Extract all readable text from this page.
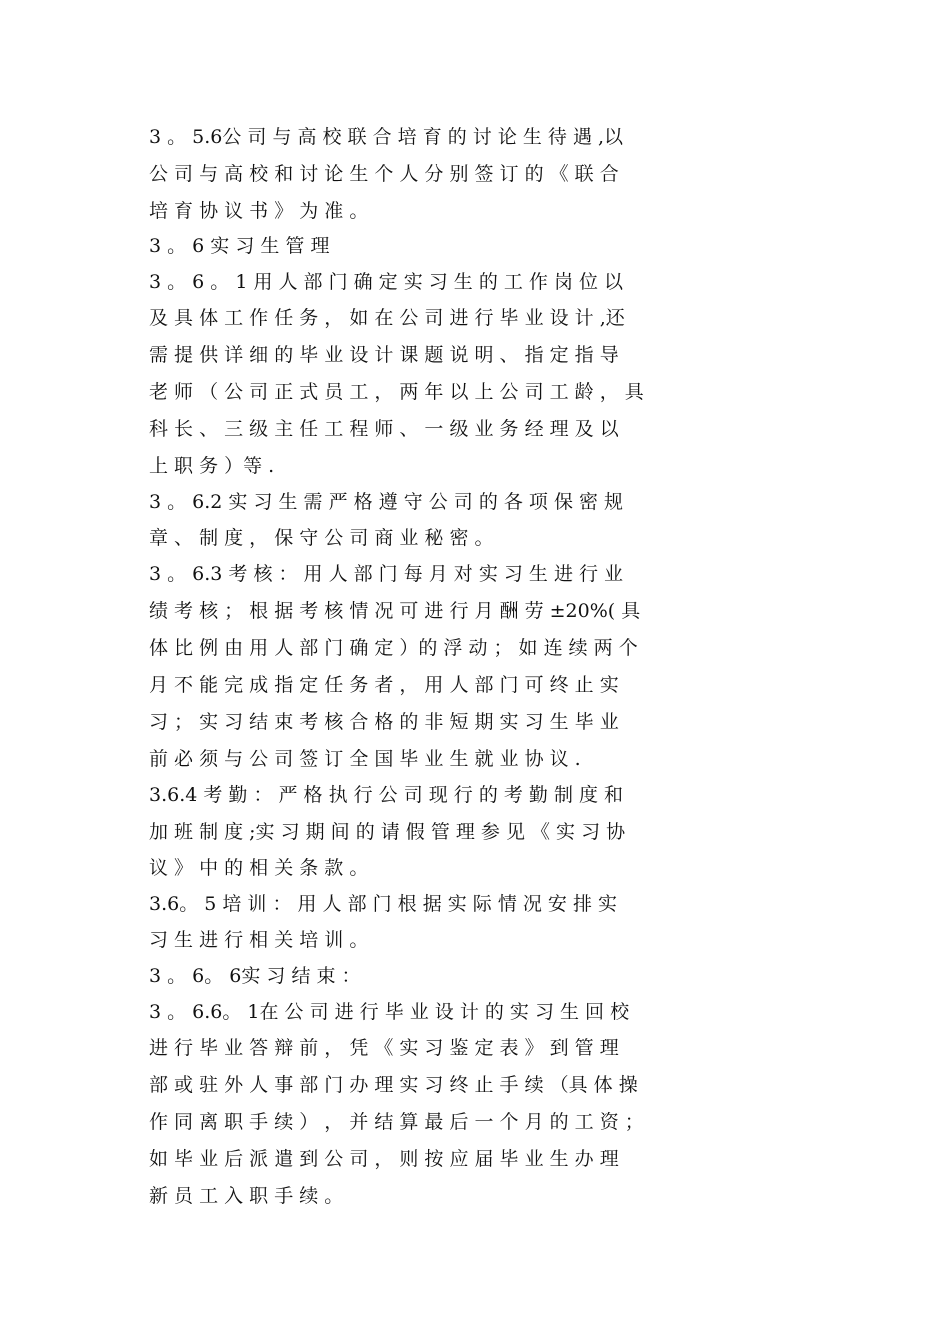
3 。 5.6公 司 与 高 校 联 合 培 育 的 讨 论 生 待 遇 ,以
公 司 与 高 校 和 讨 论 生 个 人 分 别 签 订 的 《 联 合
培 育 协 议 书 》 为 准 。
3 。 6 实 习 生 管 理
3 。 6 。 1 用 人 部 门 确 定 实 习 生 的 工 作 岗 位 以
及 具 体 工 作 任 务 ， 如 在 公 司 进 行 毕 业 设 计 ,还
需 提 供 详 细 的 毕 业 设 计 课 题 说 明 、 指 定 指 导
老 师 （ 公 司 正 式 员 工 ， 两 年 以 上 公 司 工 龄 ， 具
科 长 、 三 级 主 任 工 程 师 、 一 级 业 务 经 理 及 以
上 职 务 ）等 .
3 。 6.2 实 习 生 需 严 格 遵 守 公 司 的 各 项 保 密 规
章 、 制 度 ， 保 守 公 司 商 业 秘 密 。
3 。 6.3 考 核 ： 用 人 部 门 每 月 对 实 习 生 进 行 业
绩 考 核 ； 根 据 考 核 情 况 可 进 行 月 酬 劳 ±20%( 具
体 比 例 由 用 人 部 门 确 定 ）的 浮 动 ； 如 连 续 两 个
月 不 能 完 成 指 定 任 务 者 ， 用 人 部 门 可 终 止 实
习 ； 实 习 结 束 考 核 合 格 的 非 短 期 实 习 生 毕 业
前 必 须 与 公 司 签 订 全 国 毕 业 生 就 业 协 议 .
3.6.4 考 勤 ： 严 格 执 行 公 司 现 行 的 考 勤 制 度 和
加 班 制 度 ;实 习 期 间 的 请 假 管 理 参 见 《 实 习 协
议 》 中 的 相 关 条 款 。
3.6。 5 培 训 ： 用 人 部 门 根 据 实 际 情 况 安 排 实
习 生 进 行 相 关 培 训 。
3 。 6。 6实 习 结 束 ：
3 。 6.6。 1在 公 司 进 行 毕 业 设 计 的 实 习 生 回 校
进 行 毕 业 答 辩 前 ， 凭 《 实 习 鉴 定 表 》 到 管 理
部 或 驻 外 人 事 部 门 办 理 实 习 终 止 手 续 （具 体 操
作 同 离 职 手 续 ） ， 并 结 算 最 后 一 个 月 的 工 资 ；
如 毕 业 后 派 遣 到 公 司 ， 则 按 应 届 毕 业 生 办 理
新 员 工 入 职 手 续 。
